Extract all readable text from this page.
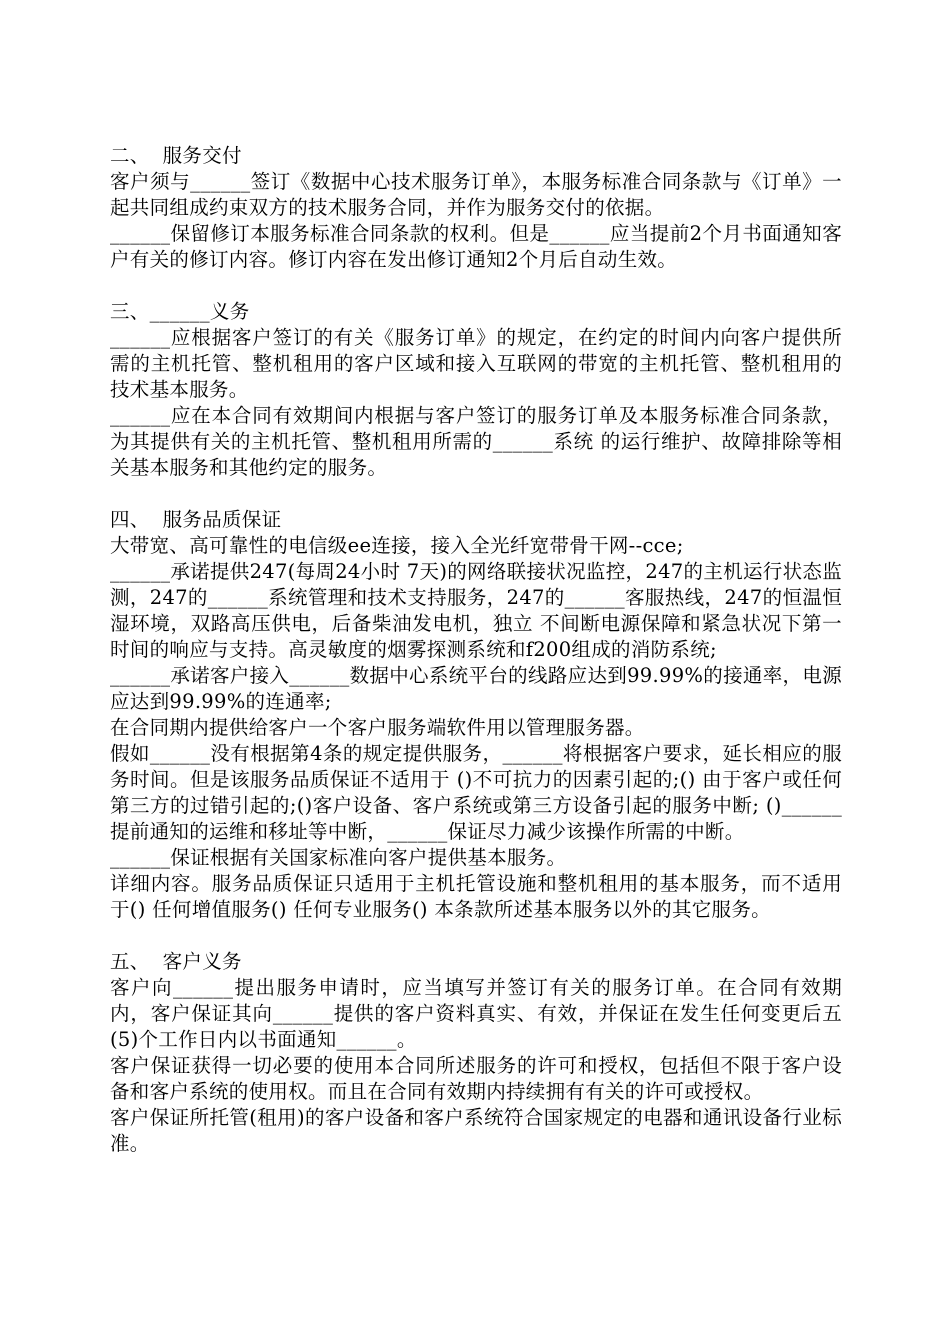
二、  服务交付
客户须与______签订《数据中心技术服务订单》，本服务标准合同条款与《订单》一起共同组成约束双方的技术服务合同，并作为服务交付的依据。
______保留修订本服务标准合同条款的权利。但是______应当提前2个月书面通知客户有关的修订内容。修订内容在发出修订通知2个月后自动生效。
三、______义务
______应根据客户签订的有关《服务订单》的规定，在约定的时间内向客户提供所需的主机托管、整机租用的客户区域和接入互联网的带宽的主机托管、整机租用的技术基本服务。
______应在本合同有效期间内根据与客户签订的服务订单及本服务标准合同条款，为其提供有关的主机托管、整机租用所需的______系统 的运行维护、故障排除等相关基本服务和其他约定的服务。
四、  服务品质保证
大带宽、高可靠性的电信级ee连接，接入全光纤宽带骨干网--cce;
______承诺提供247(每周24小时 7天)的网络联接状况监控，247的主机运行状态监测，247的______系统管理和技术支持服务，247的______客服热线，247的恒温恒湿环境，双路高压供电，后备柴油发电机，独立 不间断电源保障和紧急状况下第一时间的响应与支持。高灵敏度的烟雾探测系统和f200组成的消防系统;
______承诺客户接入______数据中心系统平台的线路应达到99.99%的接通率，电源应达到99.99%的连通率;
在合同期内提供给客户一个客户服务端软件用以管理服务器。
假如______没有根据第4条的规定提供服务，______将根据客户要求，延长相应的服务时间。但是该服务品质保证不适用于 ()不可抗力的因素引起的;() 由于客户或任何第三方的过错引起的;()客户设备、客户系统或第三方设备引起的服务中断; ()______提前通知的运维和移址等中断，______保证尽力减少该操作所需的中断。
______保证根据有关国家标准向客户提供基本服务。
详细内容。服务品质保证只适用于主机托管设施和整机租用的基本服务，而不适用于() 任何增值服务() 任何专业服务() 本条款所述基本服务以外的其它服务。
五、  客户义务
客户向______提出服务申请时，应当填写并签订有关的服务订单。在合同有效期内，客户保证其向______提供的客户资料真实、有效，并保证在发生任何变更后五(5)个工作日内以书面通知______。
客户保证获得一切必要的使用本合同所述服务的许可和授权，包括但不限于客户设备和客户系统的使用权。而且在合同有效期内持续拥有有关的许可或授权。
客户保证所托管(租用)的客户设备和客户系统符合国家规定的电器和通讯设备行业标准。
